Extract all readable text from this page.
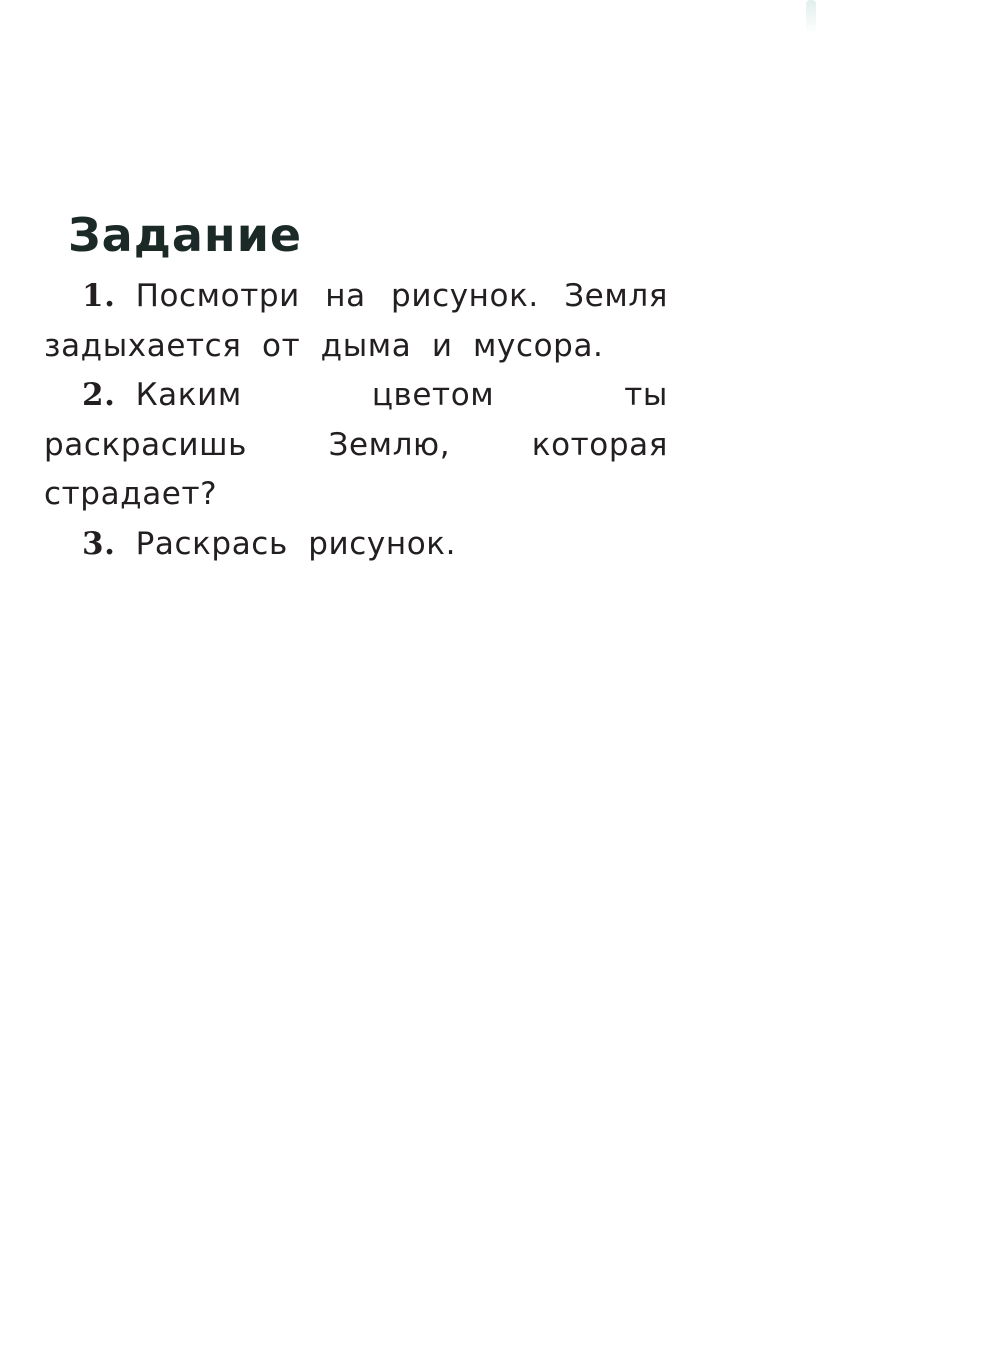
Задание
1. Посмотри на рисунок. Земля задыхается от дыма и мусора.
2. Каким цветом ты раскрасишь Землю, которая страдает?
3. Раскрась рисунок.
